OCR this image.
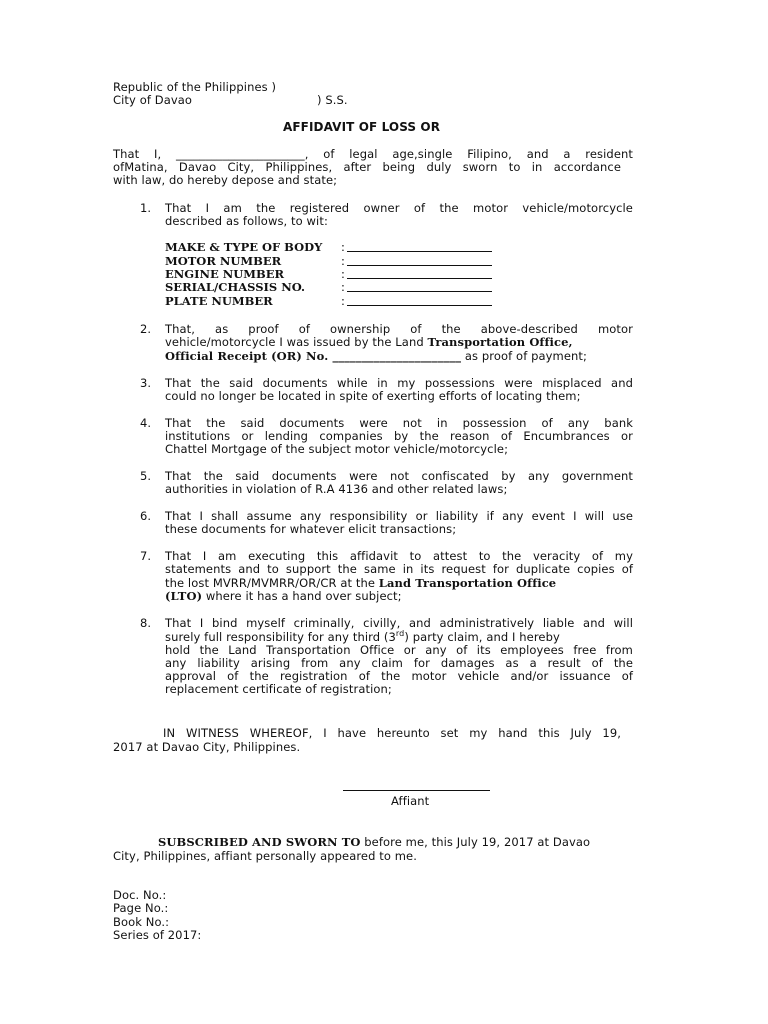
Republic of the Philippines )
City of Davao	) S.S.
AFFIDAVIT OF LOSS OR
That I, ______________________, of legal age,single Filipino, and a resident
ofMatina, Davao City, Philippines, after being duly sworn to in accordance
with law, do hereby depose and state;
1. That I am the registered owner of the motor vehicle/motorcycle
described as follows, to wit:
MAKE & TYPE OF BODY :
MOTOR NUMBER	:
ENGINE NUMBER	:
SERIAL/CHASSIS NO.	:
PLATE NUMBER	:
2. That, as proof of ownership of the above-described motor
vehicle/motorcycle I was issued by the Land Transportation Office,
Official Receipt (OR) No. ______________________ as proof of payment;
3. That the said documents while in my possessions were misplaced and
could no longer be located in spite of exerting efforts of locating them;
4. That the said documents were not in possession of any bank
institutions or lending companies by the reason of Encumbrances or
Chattel Mortgage of the subject motor vehicle/motorcycle;
5. That the said documents were not confiscated by any government
authorities in violation of R.A 4136 and other related laws;
6. That I shall assume any responsibility or liability if any event I will use
these documents for whatever elicit transactions;
7. That I am executing this affidavit to attest to the veracity of my
statements and to support the same in its request for duplicate copies of
the lost MVRR/MVMRR/OR/CR at the Land Transportation Office
(LTO) where it has a hand over subject;
8. That I bind myself criminally, civilly, and administratively liable and will
surely full responsibility for any third (3rd) party claim, and I hereby
hold the Land Transportation Office or any of its employees free from
any liability arising from any claim for damages as a result of the
approval of the registration of the motor vehicle and/or issuance of
replacement certificate of registration;
IN WITNESS WHEREOF, I have hereunto set my hand this July 19,
2017 at Davao City, Philippines.
Affiant
SUBSCRIBED AND SWORN TO before me, this July 19, 2017 at Davao
City, Philippines, affiant personally appeared to me.
Doc. No.:
Page No.:
Book No.:
Series of 2017:
